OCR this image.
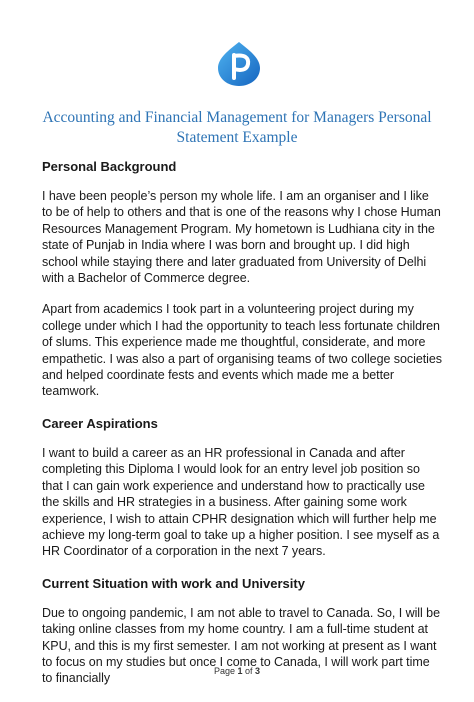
Accounting and Financial Management for Managers Personal
Statement Example
Personal Background

I have been people’s person my whole life. I am an organiser and I like to be of help to others and that is one of the reasons why I chose Human Resources Management Program. My hometown is Ludhiana city in the state of Punjab in India where I was born and brought up. I did high school while staying there and later graduated from University of Delhi with a Bachelor of Commerce degree.

Apart from academics I took part in a volunteering project during my college under which I had the opportunity to teach less fortunate children of slums. This experience made me thoughtful, considerate, and more empathetic. I was also a part of organising teams of two college societies and helped coordinate fests and events which made me a better teamwork.

Career Aspirations

I want to build a career as an HR professional in Canada and after completing this Diploma I would look for an entry level job position so that I can gain work experience and understand how to practically use the skills and HR strategies in a business. After gaining some work experience, I wish to attain CPHR designation which will further help me achieve my long-term goal to take up a higher position. I see myself as a HR Coordinator of a corporation in the next 7 years.

Current Situation with work and University

Due to ongoing pandemic, I am not able to travel to Canada. So, I will be taking online classes from my home country. I am a full-time student at KPU, and this is my first semester. I am not working at present as I want to focus on my studies but once I come to Canada, I will work part time to financially

Page 1 of 3
